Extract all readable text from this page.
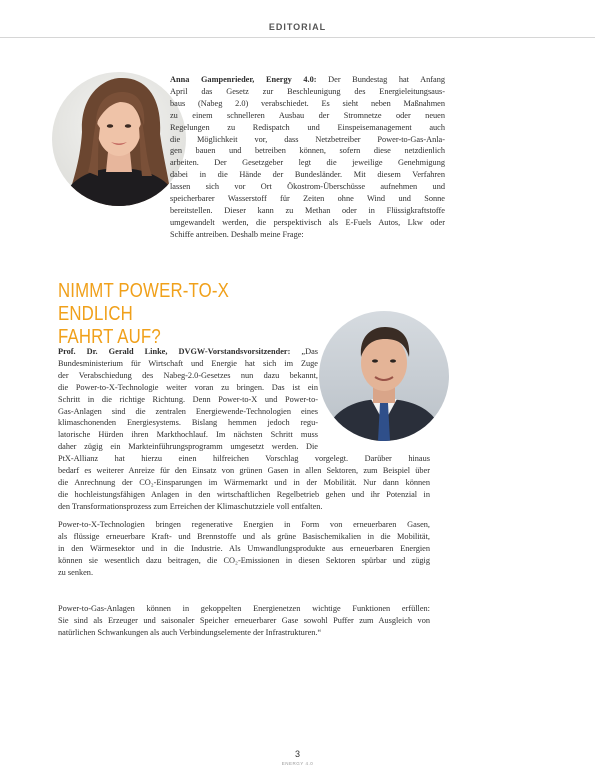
EDITORIAL

Anna Gampenrieder, Energy 4.0: Der Bundestag hat Anfang
April das Gesetz zur Beschleunigung des Energieleitungsaus-
baus (Nabeg 2.0) verabschiedet. Es sieht neben Maßnahmen
zu einem schnelleren Ausbau der Stromnetze oder neuen
Regelungen zu Redispatch und Einspeisemanagement auch
die Möglichkeit vor, dass Netzbetreiber Power-to-Gas-Anla-
gen bauen und betreiben können, sofern diese netzdienlich
arbeiten. Der Gesetzgeber legt die jeweilige Genehmigung
dabei in die Hände der Bundesländer. Mit diesem Verfahren
lassen sich vor Ort Ökostrom-Überschüsse aufnehmen und
speicherbarer Wasserstoff für Zeiten ohne Wind und Sonne
bereitstellen. Dieser kann zu Methan oder in Flüssigkraftstoffe
umgewandelt werden, die perspektivisch als E-Fuels Autos, Lkw oder
Schiffe antreiben. Deshalb meine Frage:

NIMMT POWER-TO-X ENDLICH
FAHRT AUF?

Prof. Dr. Gerald Linke, DVGW-Vorstandsvorsitzender: „Das
Bundesministerium für Wirtschaft und Energie hat sich im Zuge
der Verabschiedung des Nabeg-2.0-Gesetzes nun dazu bekannt,
die Power-to-X-Technologie weiter voran zu bringen. Das ist ein
Schritt in die richtige Richtung. Denn Power-to-X und Power-to-
Gas-Anlagen sind die zentralen Energiewende-Technologien eines
klimaschonenden Energiesystems. Bislang hemmen jedoch regu-
latorische Hürden ihren Markthochlauf. Im nächsten Schritt muss
daher zügig ein Markteinführungsprogramm umgesetzt werden. Die

PtX-Allianz hat hierzu einen hilfreichen Vorschlag vorgelegt. Darüber hinaus
bedarf es weiterer Anreize für den Einsatz von grünen Gasen in allen Sektoren, zum Beispiel über
die Anrechnung der CO₂-Einsparungen im Wärmemarkt und in der Mobilität. Nur dann können
die hochleistungsfähigen Anlagen in den wirtschaftlichen Regelbetrieb gehen und ihr Potenzial in
den Transformationsprozess zum Erreichen der Klimaschutzziele voll entfalten.

Power-to-X-Technologien bringen regenerative Energien in Form von erneuerbaren Gasen,
als flüssige erneuerbare Kraft- und Brennstoffe und als grüne Basischemikalien in die Mobilität,
in den Wärmesektor und in die Industrie. Als Umwandlungsprodukte aus erneuerbaren Energien
können sie wesentlich dazu beitragen, die CO₂-Emissionen in diesen Sektoren spürbar und zügig
zu senken.

Power-to-Gas-Anlagen können in gekoppelten Energienetzen wichtige Funktionen erfüllen:
Sie sind als Erzeuger und saisonaler Speicher erneuerbarer Gase sowohl Puffer zum Ausgleich von
natürlichen Schwankungen als auch Verbindungselemente der Infrastrukturen.“

3
ENERGY 4.0
